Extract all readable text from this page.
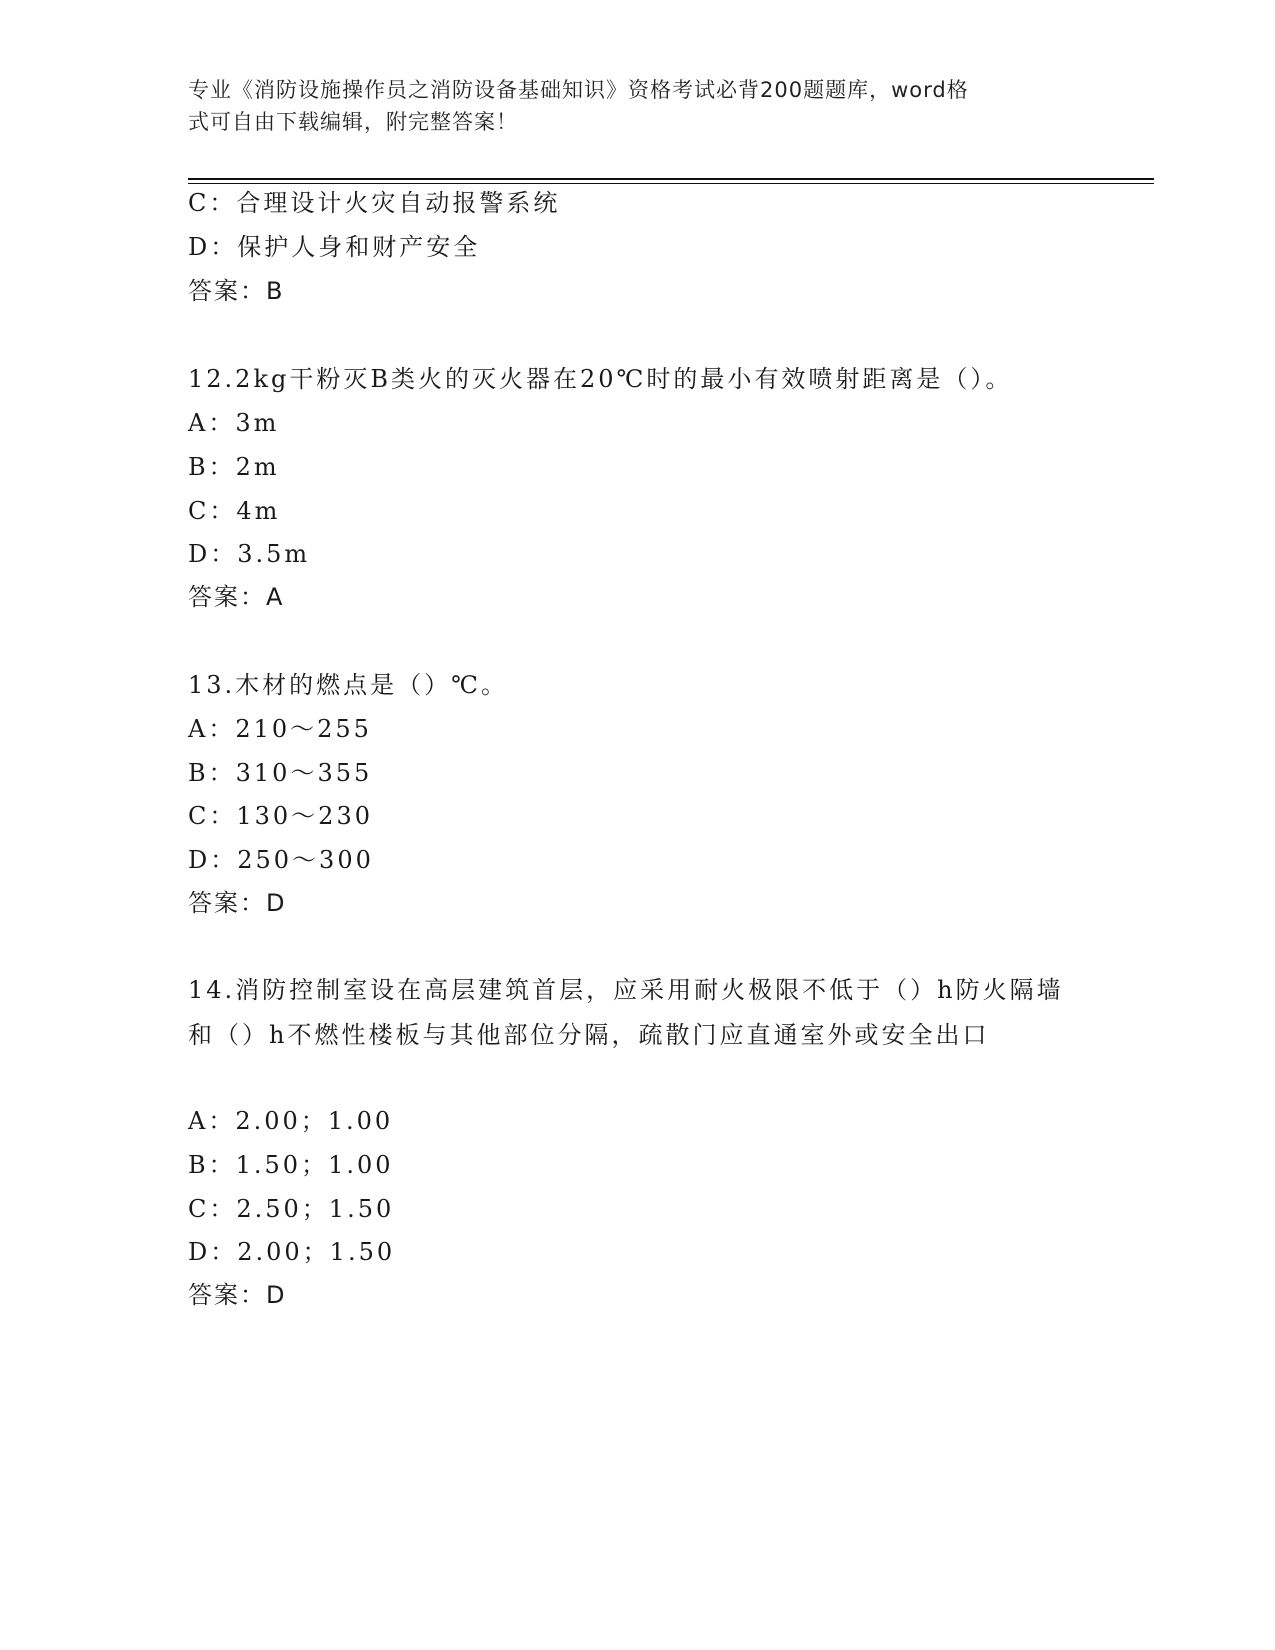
专业《消防设施操作员之消防设备基础知识》资格考试必背200题题库，word格
式可自由下载编辑，附完整答案！
C：合理设计火灾自动报警系统
D：保护人身和财产安全
答案：B
12.2kg干粉灭B类火的灭火器在20℃时的最小有效喷射距离是（）。
A：3m
B：2m
C：4m
D：3.5m
答案：A
13.木材的燃点是（）℃。
A：210～255
B：310～355
C：130～230
D：250～300
答案：D
14.消防控制室设在高层建筑首层，应采用耐火极限不低于（）h防火隔墙和（）h不燃性楼板与其他部位分隔，疏散门应直通室外或安全出口
A：2.00；1.00
B：1.50；1.00
C：2.50；1.50
D：2.00；1.50
答案：D
